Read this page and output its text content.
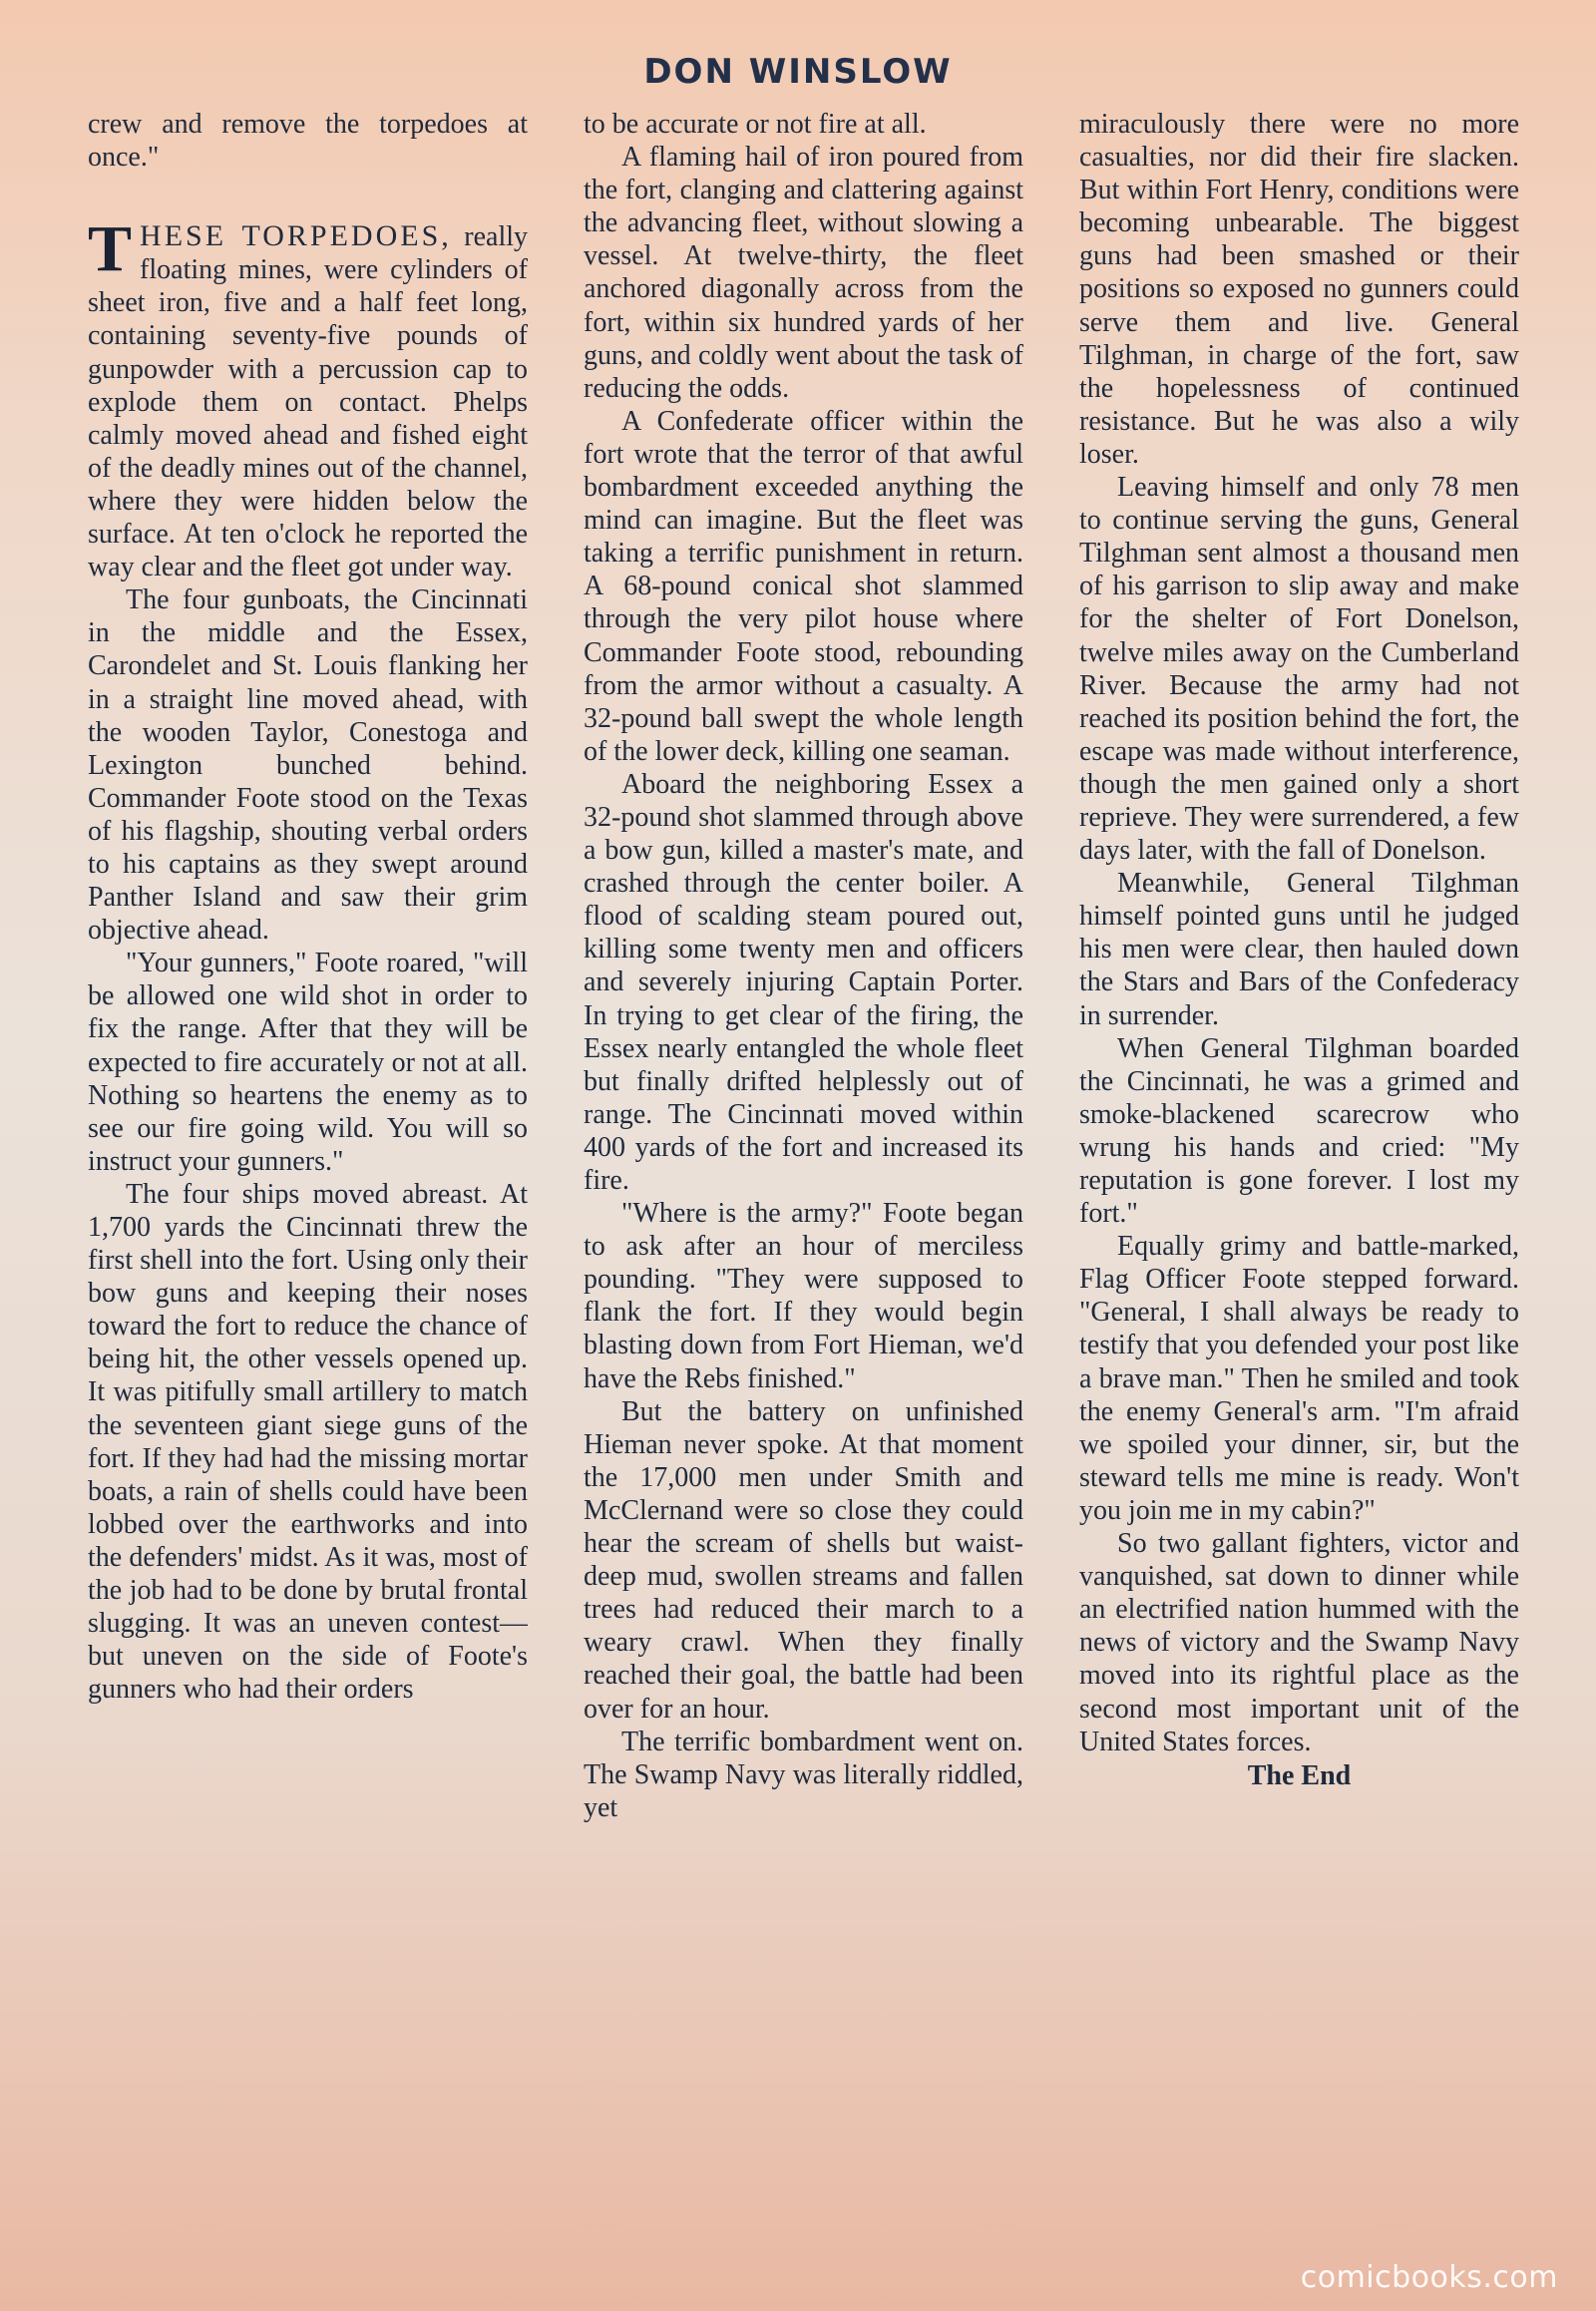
DON WINSLOW

crew and remove the torpedoes at once."

THESE TORPEDOES, really floating mines, were cylinders of sheet iron, five and a half feet long, containing seventy-five pounds of gunpowder with a percussion cap to explode them on contact. Phelps calmly moved ahead and fished eight of the deadly mines out of the channel, where they were hidden below the surface. At ten o'clock he reported the way clear and the fleet got under way.

The four gunboats, the Cincinnati in the middle and the Essex, Carondelet and St. Louis flanking her in a straight line moved ahead, with the wooden Taylor, Conestoga and Lexington bunched behind. Commander Foote stood on the Texas of his flagship, shouting verbal orders to his captains as they swept around Panther Island and saw their grim objective ahead.

"Your gunners," Foote roared, "will be allowed one wild shot in order to fix the range. After that they will be expected to fire accurately or not at all. Nothing so heartens the enemy as to see our fire going wild. You will so instruct your gunners."

The four ships moved abreast. At 1,700 yards the Cincinnati threw the first shell into the fort. Using only their bow guns and keeping their noses toward the fort to reduce the chance of being hit, the other vessels opened up. It was pitifully small artillery to match the seventeen giant siege guns of the fort. If they had had the missing mortar boats, a rain of shells could have been lobbed over the earthworks and into the defenders' midst. As it was, most of the job had to be done by brutal frontal slugging. It was an uneven contest—but uneven on the side of Foote's gunners who had their orders

to be accurate or not fire at all.

A flaming hail of iron poured from the fort, clanging and clattering against the advancing fleet, without slowing a vessel. At twelve-thirty, the fleet anchored diagonally across from the fort, within six hundred yards of her guns, and coldly went about the task of reducing the odds.

A Confederate officer within the fort wrote that the terror of that awful bombardment exceeded anything the mind can imagine. But the fleet was taking a terrific punishment in return. A 68-pound conical shot slammed through the very pilot house where Commander Foote stood, rebounding from the armor without a casualty. A 32-pound ball swept the whole length of the lower deck, killing one seaman.

Aboard the neighboring Essex a 32-pound shot slammed through above a bow gun, killed a master's mate, and crashed through the center boiler. A flood of scalding steam poured out, killing some twenty men and officers and severely injuring Captain Porter. In trying to get clear of the firing, the Essex nearly entangled the whole fleet but finally drifted helplessly out of range. The Cincinnati moved within 400 yards of the fort and increased its fire.

"Where is the army?" Foote began to ask after an hour of merciless pounding. "They were supposed to flank the fort. If they would begin blasting down from Fort Hieman, we'd have the Rebs finished."

But the battery on unfinished Hieman never spoke. At that moment the 17,000 men under Smith and McClernand were so close they could hear the scream of shells but waist-deep mud, swollen streams and fallen trees had reduced their march to a weary crawl. When they finally reached their goal, the battle had been over for an hour.

The terrific bombardment went on. The Swamp Navy was literally riddled, yet

miraculously there were no more casualties, nor did their fire slacken. But within Fort Henry, conditions were becoming unbearable. The biggest guns had been smashed or their positions so exposed no gunners could serve them and live. General Tilghman, in charge of the fort, saw the hopelessness of continued resistance. But he was also a wily loser.

Leaving himself and only 78 men to continue serving the guns, General Tilghman sent almost a thousand men of his garrison to slip away and make for the shelter of Fort Donelson, twelve miles away on the Cumberland River. Because the army had not reached its position behind the fort, the escape was made without interference, though the men gained only a short reprieve. They were surrendered, a few days later, with the fall of Donelson.

Meanwhile, General Tilghman himself pointed guns until he judged his men were clear, then hauled down the Stars and Bars of the Confederacy in surrender.

When General Tilghman boarded the Cincinnati, he was a grimed and smoke-blackened scarecrow who wrung his hands and cried: "My reputation is gone forever. I lost my fort."

Equally grimy and battle-marked, Flag Officer Foote stepped forward. "General, I shall always be ready to testify that you defended your post like a brave man." Then he smiled and took the enemy General's arm. "I'm afraid we spoiled your dinner, sir, but the steward tells me mine is ready. Won't you join me in my cabin?"

So two gallant fighters, victor and vanquished, sat down to dinner while an electrified nation hummed with the news of victory and the Swamp Navy moved into its rightful place as the second most important unit of the United States forces.

The End
comicbooks.com
